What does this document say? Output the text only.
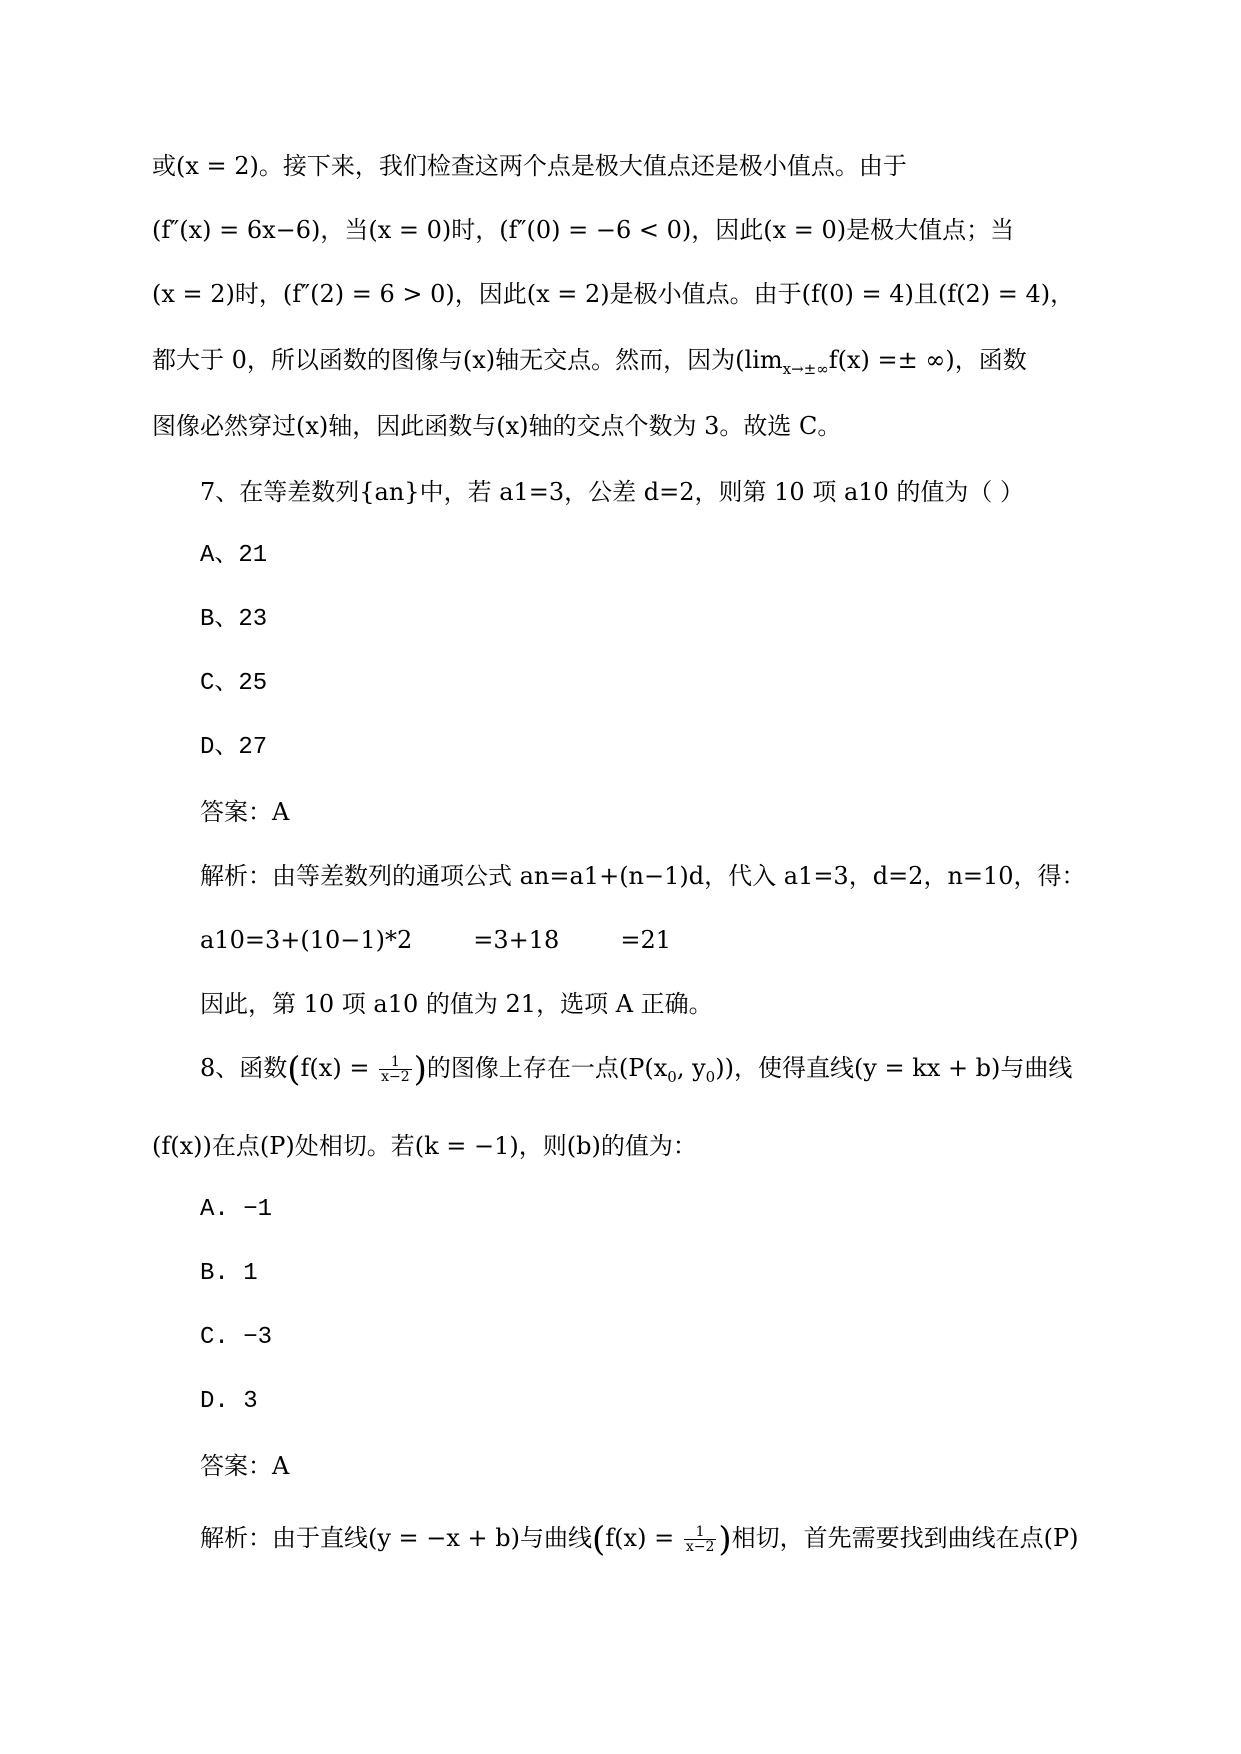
或(x = 2)。接下来，我们检查这两个点是极大值点还是极小值点。由于
(f″(x) = 6x−6)，当(x = 0)时，(f″(0) = −6 < 0)，因此(x = 0)是极大值点；当
(x = 2)时，(f″(2) = 6 > 0)，因此(x = 2)是极小值点。由于(f(0) = 4)且(f(2) = 4)，
都大于 0，所以函数的图像与(x)轴无交点。然而，因为($\lim_{x\to\pm\infty}f(x)$ =± ∞)，函数
图像必然穿过(x)轴，因此函数与(x)轴的交点个数为 3。故选 C。
7、在等差数列{an}中，若 a1=3，公差 d=2，则第 10 项 a10 的值为（ ）
A、21
B、23
C、25
D、27
答案：A
解析：由等差数列的通项公式 an=a1+(n−1)d，代入 a1=3，d=2，n=10，得：
a10=3+(10−1)*2        =3+18        =21
因此，第 10 项 a10 的值为 21，选项 A 正确。
8、函数($f(x) = \frac{1}{x-2}$ )的图像上存在一点($P(x_0$, $y_0$))，使得直线(y = kx + b)与曲线
(f(x))在点(P)处相切。若(k = −1)，则(b)的值为：
A. −1
B. 1
C. −3
D. 3
答案：A
解析：由于直线(y = −x + b)与曲线($f(x) = \frac{1}{x-2}$ )相切，首先需要找到曲线在点(P)
